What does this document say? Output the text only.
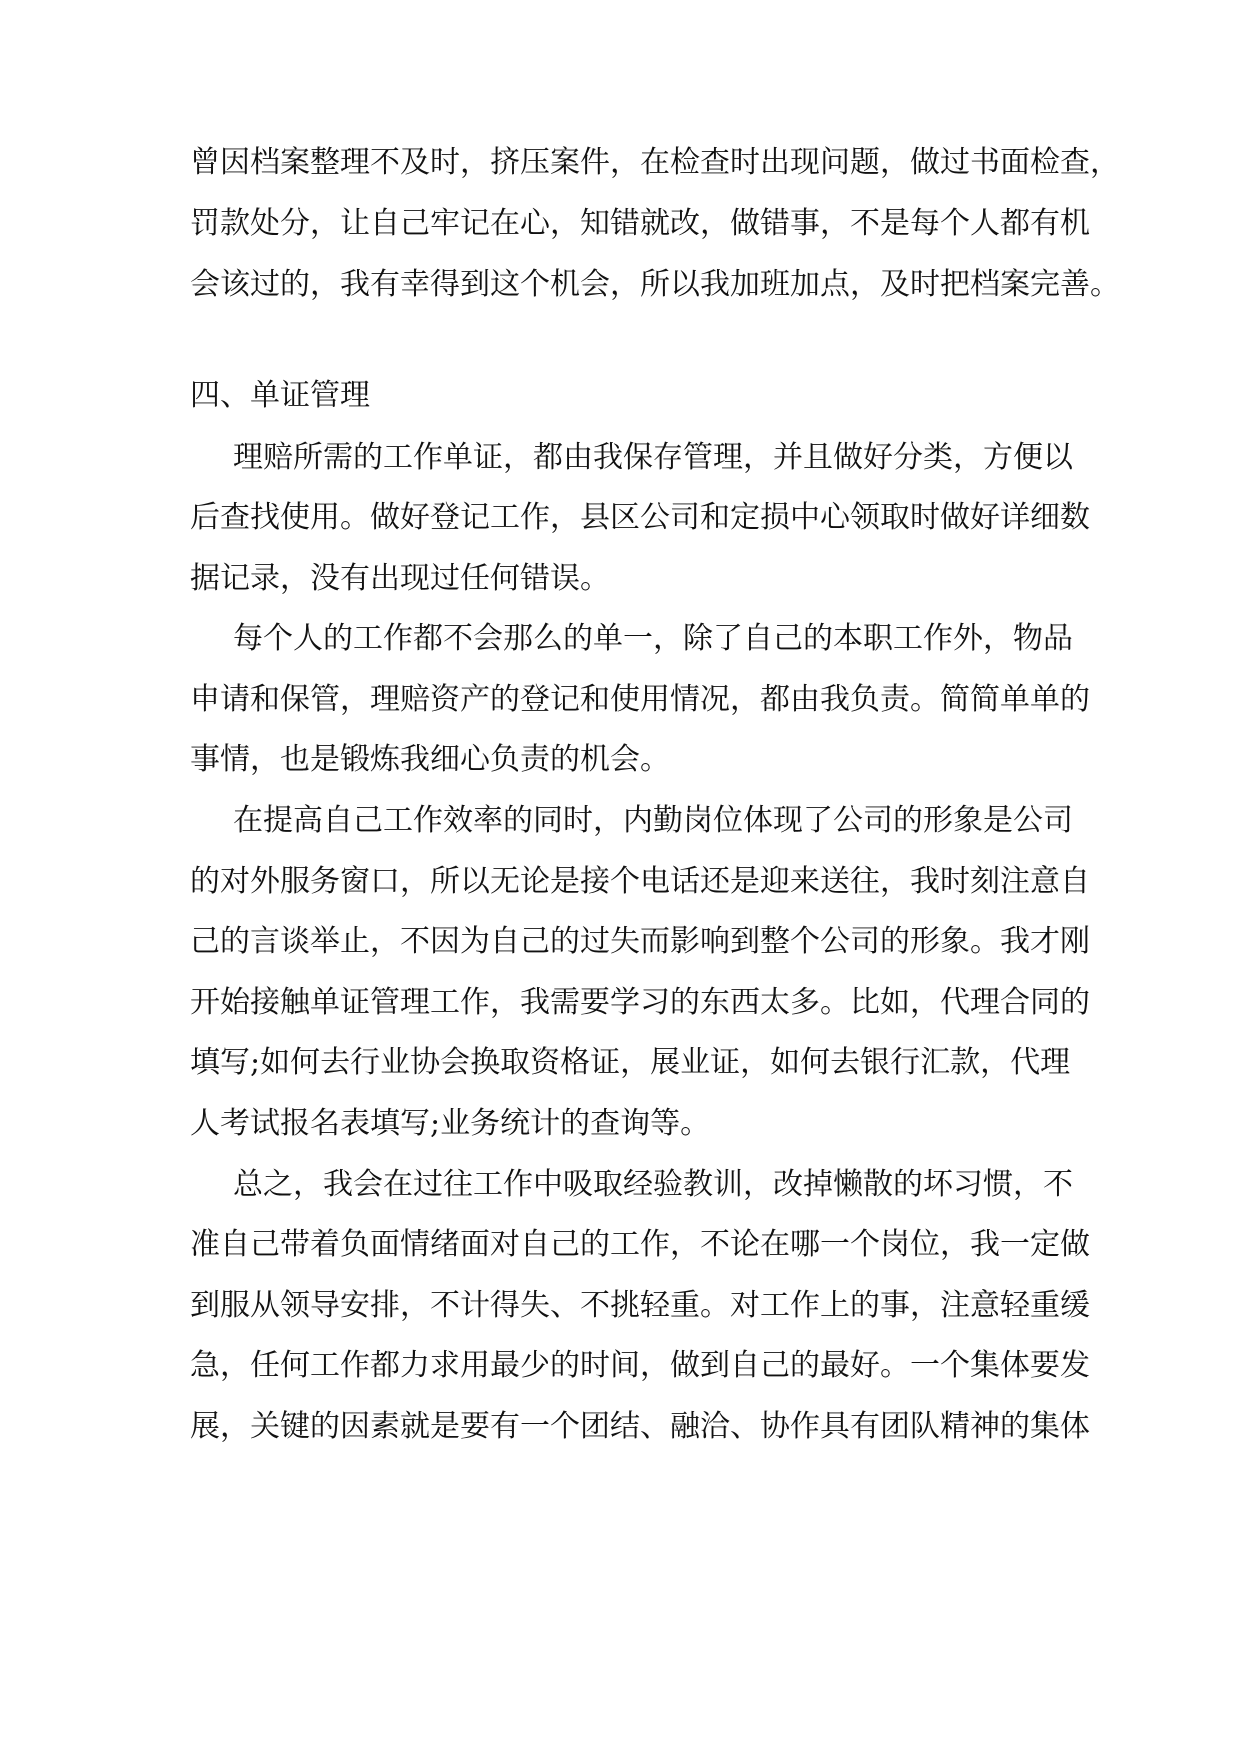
曾因档案整理不及时，挤压案件，在检查时出现问题，做过书面检查，
罚款处分，让自己牢记在心，知错就改，做错事，不是每个人都有机
会该过的，我有幸得到这个机会，所以我加班加点，及时把档案完善。
四、单证管理
理赔所需的工作单证，都由我保存管理，并且做好分类，方便以
后查找使用。做好登记工作，县区公司和定损中心领取时做好详细数
据记录，没有出现过任何错误。
每个人的工作都不会那么的单一，除了自己的本职工作外，物品
申请和保管，理赔资产的登记和使用情况，都由我负责。简简单单的
事情，也是锻炼我细心负责的机会。
在提高自己工作效率的同时，内勤岗位体现了公司的形象是公司
的对外服务窗口，所以无论是接个电话还是迎来送往，我时刻注意自
己的言谈举止，不因为自己的过失而影响到整个公司的形象。我才刚
开始接触单证管理工作，我需要学习的东西太多。比如，代理合同的
填写;如何去行业协会换取资格证，展业证，如何去银行汇款，代理
人考试报名表填写;业务统计的查询等。
总之，我会在过往工作中吸取经验教训，改掉懒散的坏习惯，不
准自己带着负面情绪面对自己的工作，不论在哪一个岗位，我一定做
到服从领导安排，不计得失、不挑轻重。对工作上的事，注意轻重缓
急，任何工作都力求用最少的时间，做到自己的最好。一个集体要发
展，关键的因素就是要有一个团结、融洽、协作具有团队精神的集体
